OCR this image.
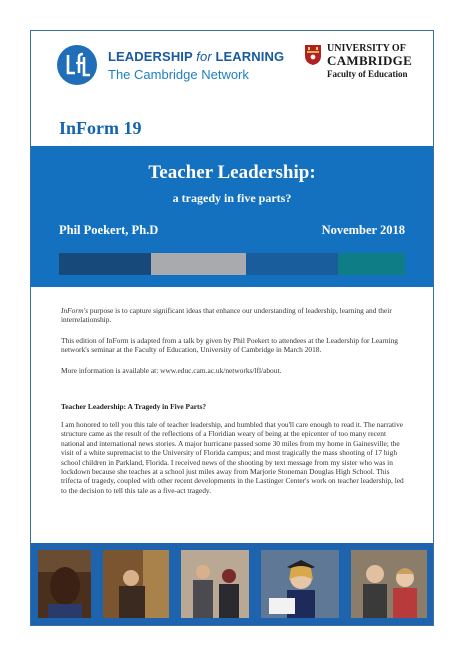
LEADERSHIP for LEARNING
The Cambridge Network
UNIVERSITY OF
CAMBRIDGE
Faculty of Education
InForm 19
Teacher Leadership:
a tragedy in five parts?
Phil Poekert, Ph.D	November 2018

InForm's purpose is to capture significant ideas that enhance our understanding of leadership, learning and their interrelationship.

This edition of InForm is adapted from a talk by given by Phil Poekert to attendees at the Leadership for Learning network's seminar at the Faculty of Education, University of Cambridge in March 2018.

More information is available at: www.educ.cam.ac.uk/networks/lfl/about.

Teacher Leadership: A Tragedy in Five Parts?

I am honored to tell you this tale of teacher leadership, and humbled that you'll care enough to read it. The narrative structure came as the result of the reflections of a Floridian weary of being at the epicenter of too many recent national and international news stories. A major hurricane passed some 30 miles from my home in Gainesville; the visit of a white supremacist to the University of Florida campus; and most tragically the mass shooting of 17 high school children in Parkland, Florida. I received news of the shooting by text message from my sister who was in lockdown because she teaches at a school just miles away from Marjorie Stoneman Douglas High School. This trifecta of tragedy, coupled with other recent developments in the Lastinger Center's work on teacher leadership, led to the decision to tell this tale as a five-act tragedy.
